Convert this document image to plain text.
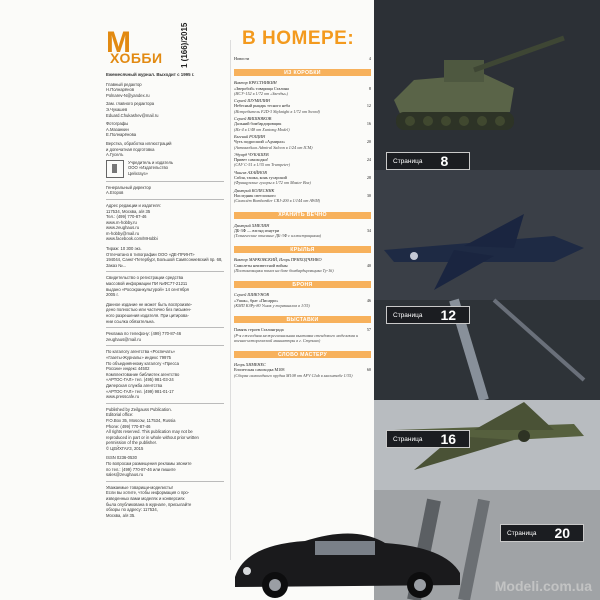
М
ХОББИ 1 (166)/2015
Ежемесячный журнал. Выходит с 1995 г.
Главный редактор
Н.Полнарёнов
Polnarev-N@yandex.ru
Зам. главного редактора
Э.Чукашев
Eduard.Chukashev@mail.ru
Фотографы
А.Мазанкин
Е.Полнарёнова
Верстка, обработка иллюстраций
и допечатная подготовка
А.Гуселъ
Учредитель и издатель
ООО «Издательство
Цейхгауз»
Генеральный директор
А.Егоров
Адрес редакции и издателя:
117534, Москва, а/я 35
Тел.: (499) 770-87-46
www.m-hobby.ru
www.zeughaus.ru
m-hobby@mail.ru
www.facebook.com/MHobbi
Тираж: 10 300 экз.
Отпечатано в типографии ООО «ДЕ-ПРИНТ»
194044, Санкт-Петербург, Большой Сампсониевский пр. 68,
Заказ №...
Свидетельство о регистрации средства
массовой информации ПИ №ФС77-21211
выдано «Росохранкультурой» 14 сентября
2005 г.
Данное издание не может быть воспроизве-
дено полностью или частично без письмен-
ного разрешения издателя. При цитирова-
нии ссылка обязательна.
Реклама по телефону: (499) 770-87-46
zeughaus@mail.ru
По каталогу агентства «Роспечать»
«Газеты-Журналы» индекс 79975
По объединённому каталогу «Пресса
России» индекс 44502
Комплектование библиотек агентство
«АРТОС-ГАЛ» тел. (495) 981-03-24
Дилерская служба агентства
«АРТОС-ГАЛ» тел. (499) 981-01-17
www.presscafe.ru
Published by Zeilgauss Publication.
Editorial office:
P.O.Box 35, Moscow, 117534, Russia
Phone: (499) 770-87-46
All rights reserved. This publication may not be
reproduced in part or in whole without prior written
permission of the publisher.
© ЦЕЙХГАУЗ, 2015
ISSN 0236-0530
По вопросам размещения рекламы звоните
по тел.: (499) 770-87-46 или пишите
sales@zeughaus.ru
Уважаемые товарищи-моделисты!
Если вы хотите, чтобы информация о про-
изведенных вами моделях и конверсиях
была опубликована в журнале, присылайте
обзоры по адресу: 117534,
Москва, а/я 35.
В НОМЕРЕ:
Новости	4
ИЗ КОРОБКИ
Виктор КРЕСТНИКИН
«Зверобой» товарища Сталина	8
(ИСУ-152 в 1/72 от «Звезды»)
Сергей ШУМИЛИН
Небесный рыцарь тесного неба	12
(Истребитель F2D-3 Skyknight в 1/72 от Sword)
Сергей ВИШНЯКОВ
Дальний бомбардировщик	16
(Ил-4 в 1/48 от Xuntong Model)
Евгений РОЩИН
Чуть подросший «Адмирал»	20
(Автомобиль Admiral Saloon в 1/24 от ICM)
Эдуард ЧУКАШЕВ
Привет самоходки!	24
(САУ С-51 в 1/35 от Trumpeter)
Чингиз АХАЙНОВ
Сабля, ташка, конь гусарский	28
(Французские гусары в 1/72 от Master Box)
Дмитрий КОЛЕСНИК
Наследник светлоокого	30
(Самолёт Bombardier CRJ-200 в 1/144 от AWM)
ХРАНИТЬ ВЕЧНО
Дмитрий ХМЕЛИН
ДБ-3Ф — взгляд изнутри	34
(Технические описание ДБ-3Ф с иллюстрациями)
КРЫЛЬЯ
Виктор МАРКОВСКИЙ, Игорь ПРИХОДЧЕНКО
Самолеты неизвестной войны	40
(Постановщики помех на базе бомбардировщика Ту-16)
БРОНЯ
Сергей ШИКУНОВ
«Ушак», брат «Писарро»	46
(КМП КЗРу-80 Ушак у терминалов в 1/35)
ВЫСТАВКИ
Память героев Сталинграда	57
(Р-я ежегодная межрегиональная выставка стендового моделизма и военно-исторической миниатюры в г. Ступино)
СЛОВО МАСТЕРУ
Игорь ХИМЕНЕС
Египетская самоходка M108	60
(Сборка самоходного орудия M108 от AFV Club в масштабе 1/35)
Страница 8
Страница 12
Страница 16
Страница 20
Modeli.com.ua
